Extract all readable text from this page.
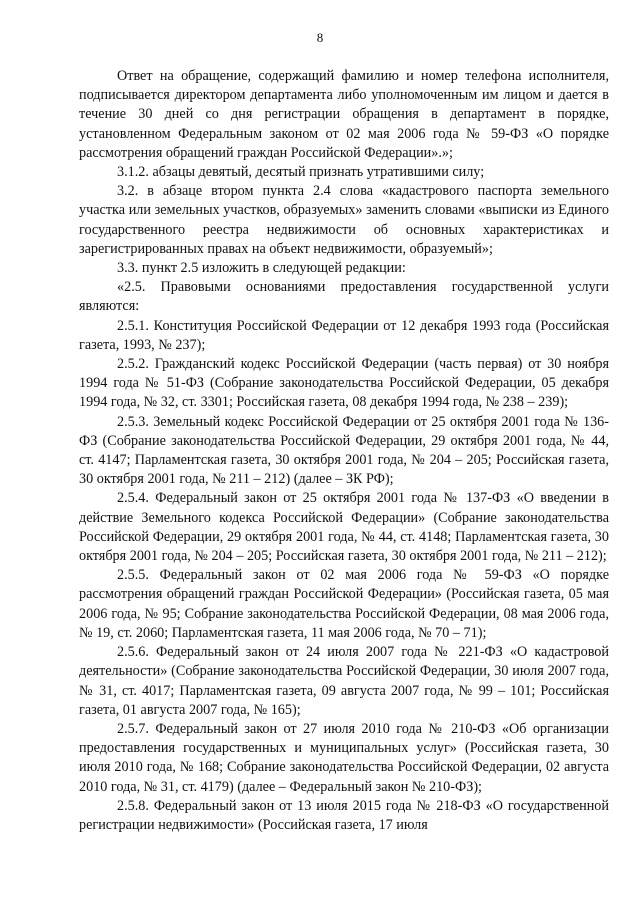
8

Ответ на обращение, содержащий фамилию и номер телефона исполнителя, подписывается директором департамента либо уполномоченным им лицом и дается в течение 30 дней со дня регистрации обращения в департамент в порядке, установленном Федеральным законом от 02 мая 2006 года № 59-ФЗ «О порядке рассмотрения обращений граждан Российской Федерации».»;

3.1.2. абзацы девятый, десятый признать утратившими силу;

3.2. в абзаце втором пункта 2.4 слова «кадастрового паспорта земельного участка или земельных участков, образуемых» заменить словами «выписки из Единого государственного реестра недвижимости об основных характеристиках и зарегистрированных правах на объект недвижимости, образуемый»;

3.3. пункт 2.5 изложить в следующей редакции:

«2.5. Правовыми основаниями предоставления государственной услуги являются:

2.5.1. Конституция Российской Федерации от 12 декабря 1993 года (Российская газета, 1993, № 237);

2.5.2. Гражданский кодекс Российской Федерации (часть первая) от 30 ноября 1994 года № 51-ФЗ (Собрание законодательства Российской Федерации, 05 декабря 1994 года, № 32, ст. 3301; Российская газета, 08 декабря 1994 года, № 238 – 239);

2.5.3. Земельный кодекс Российской Федерации от 25 октября 2001 года № 136-ФЗ (Собрание законодательства Российской Федерации, 29 октября 2001 года, № 44, ст. 4147; Парламентская газета, 30 октября 2001 года, № 204 – 205; Российская газета, 30 октября 2001 года, № 211 – 212) (далее – ЗК РФ);

2.5.4. Федеральный закон от 25 октября 2001 года № 137-ФЗ «О введении в действие Земельного кодекса Российской Федерации» (Собрание законодательства Российской Федерации, 29 октября 2001 года, № 44, ст. 4148; Парламентская газета, 30 октября 2001 года, № 204 – 205; Российская газета, 30 октября 2001 года, № 211 – 212);

2.5.5. Федеральный закон от 02 мая 2006 года № 59-ФЗ «О порядке рассмотрения обращений граждан Российской Федерации» (Российская газета, 05 мая 2006 года, № 95; Собрание законодательства Российской Федерации, 08 мая 2006 года, № 19, ст. 2060; Парламентская газета, 11 мая 2006 года, № 70 – 71);

2.5.6. Федеральный закон от 24 июля 2007 года № 221-ФЗ «О кадастровой деятельности» (Собрание законодательства Российской Федерации, 30 июля 2007 года, № 31, ст. 4017; Парламентская газета, 09 августа 2007 года, № 99 – 101; Российская газета, 01 августа 2007 года, № 165);

2.5.7. Федеральный закон от 27 июля 2010 года № 210-ФЗ «Об организации предоставления государственных и муниципальных услуг» (Российская газета, 30 июля 2010 года, № 168; Собрание законодательства Российской Федерации, 02 августа 2010 года, № 31, ст. 4179) (далее – Федеральный закон № 210-ФЗ);

2.5.8. Федеральный закон от 13 июля 2015 года № 218-ФЗ «О государственной регистрации недвижимости» (Российская газета, 17 июля
